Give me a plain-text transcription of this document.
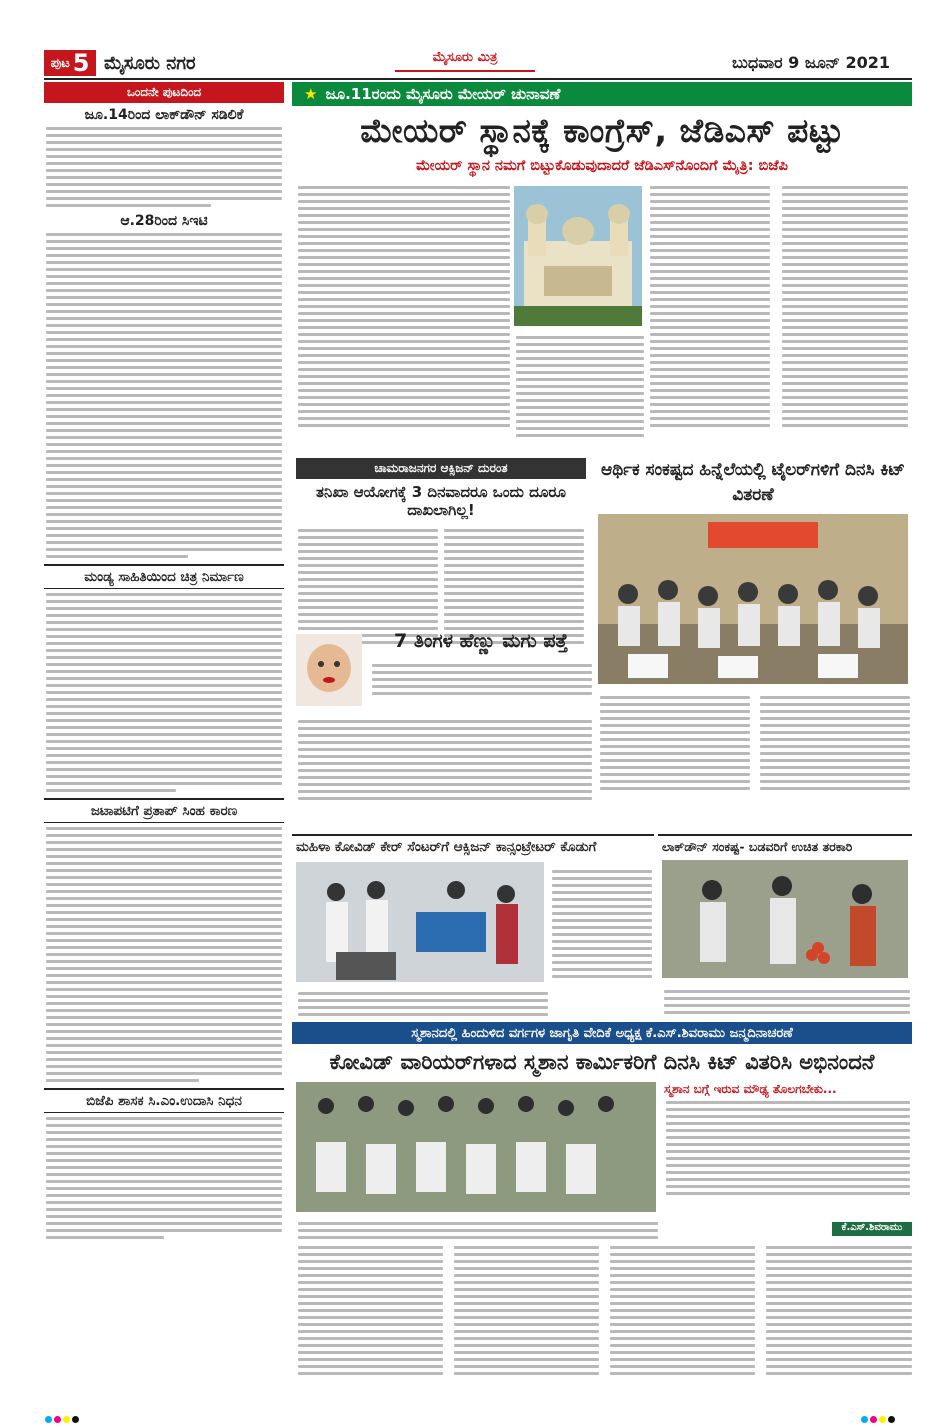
ಪುಟ 5 ಮೈಸೂರು ನಗರ	ಮೈಸೂರು ಮಿತ್ರ	ಬುಧವಾರ 9 ಜೂನ್ 2021
ಒಂದನೇ ಪುಟದಿಂದ
ಜೂ.14ರಿಂದ ಲಾಕ್‌ಡೌನ್ ಸಡಿಲಿಕೆ
ಆ.28ರಿಂದ ಸಿಇಟಿ
ಮಂಡ್ಯ ಸಾಹಿತಿಯಿಂದ ಚಿತ್ರ ನಿರ್ಮಾಣ
ಜಟಾಪಟಿಗೆ ಪ್ರತಾಪ್ ಸಿಂಹ ಕಾರಣ
ಬಿಜೆಪಿ ಶಾಸಕ ಸಿ.ಎಂ.ಉದಾಸಿ ನಿಧನ
★ ಜೂ.11ರಂದು ಮೈಸೂರು ಮೇಯರ್ ಚುನಾವಣೆ
ಮೇಯರ್ ಸ್ಥಾನಕ್ಕೆ ಕಾಂಗ್ರೆಸ್, ಜೆಡಿಎಸ್ ಪಟ್ಟು
ಮೇಯರ್ ಸ್ಥಾನ ನಮಗೆ ಬಿಟ್ಟುಕೊಡುವುದಾದರೆ ಜೆಡಿಎಸ್‌ನೊಂದಿಗೆ ಮೈತ್ರಿ: ಬಿಜೆಪಿ
ಚಾಮರಾಜನಗರ ಆಕ್ಸಿಜನ್ ದುರಂತ
ತನಿಖಾ ಆಯೋಗಕ್ಕೆ 3 ದಿನವಾದರೂ ಒಂದು ದೂರೂ ದಾಖಲಾಗಿಲ್ಲ!
7 ತಿಂಗಳ ಹೆಣ್ಣು ಮಗು ಪತ್ತೆ
ಆರ್ಥಿಕ ಸಂಕಷ್ಟದ ಹಿನ್ನೆಲೆಯಲ್ಲಿ ಟೈಲರ್‌ಗಳಿಗೆ ದಿನಸಿ ಕಿಟ್ ವಿತರಣೆ
ಮಹಿಳಾ ಕೋವಿಡ್ ಕೇರ್ ಸೆಂಟರ್‌ಗೆ ಆಕ್ಸಿಜನ್ ಕಾನ್ಸಂಟ್ರೇಟರ್ ಕೊಡುಗೆ	ಲಾಕ್‌ಡೌನ್ ಸಂಕಷ್ಟ- ಬಡವರಿಗೆ ಉಚಿತ ತರಕಾರಿ
ಸ್ಮಶಾನದಲ್ಲಿ ಹಿಂದುಳಿದ ವರ್ಗಗಳ ಜಾಗೃತಿ ವೇದಿಕೆ ಅಧ್ಯಕ್ಷ ಕೆ.ಎಸ್.ಶಿವರಾಮು ಜನ್ಮದಿನಾಚರಣೆ
ಕೋವಿಡ್ ವಾರಿಯರ್‌ಗಳಾದ ಸ್ಮಶಾನ ಕಾರ್ಮಿಕರಿಗೆ ದಿನಸಿ ಕಿಟ್ ವಿತರಿಸಿ ಅಭಿನಂದನೆ
ಸ್ಮಶಾನ ಬಗ್ಗೆ ಇರುವ ಮೌಢ್ಯ ತೊಲಗಬೇಕು...
ಕೆ.ಎಸ್.ಶಿವರಾಮು
